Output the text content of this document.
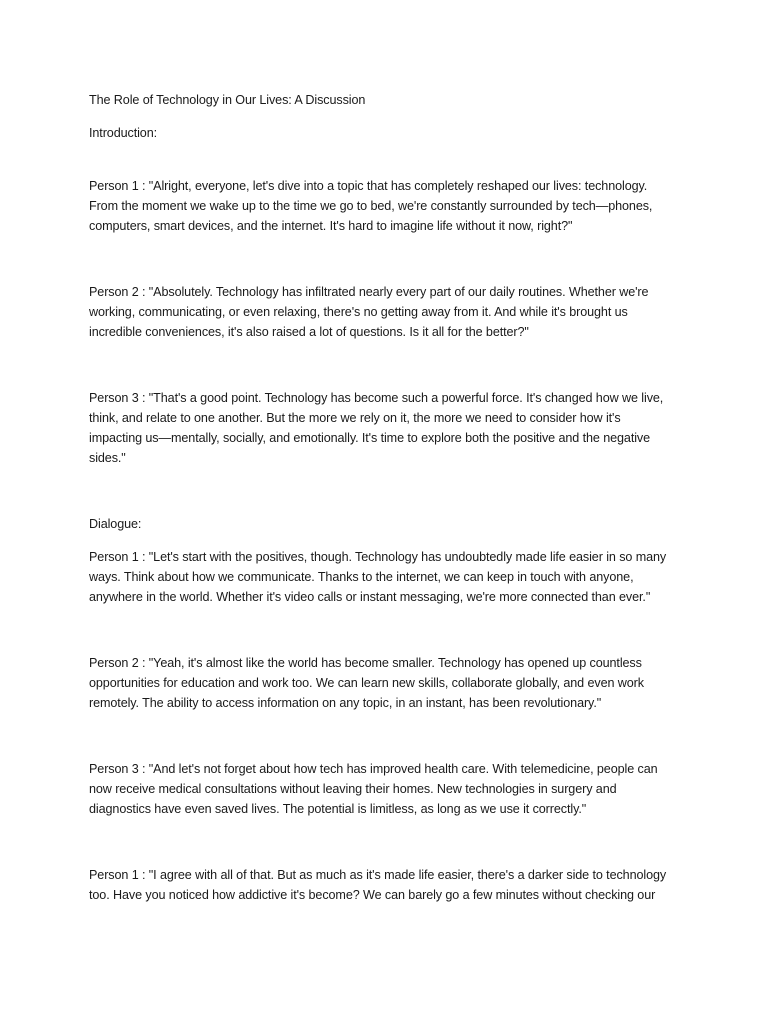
The Role of Technology in Our Lives: A Discussion

Introduction:

Person 1 : "Alright, everyone, let's dive into a topic that has completely reshaped our lives: technology.

From the moment we wake up to the time we go to bed, we're constantly surrounded by tech—phones,

computers, smart devices, and the internet. It's hard to imagine life without it now, right?"

Person 2 : "Absolutely. Technology has infiltrated nearly every part of our daily routines. Whether we're

working, communicating, or even relaxing, there's no getting away from it. And while it's brought us

incredible conveniences, it's also raised a lot of questions. Is it all for the better?"

Person 3 : "That's a good point. Technology has become such a powerful force. It's changed how we live,

think, and relate to one another. But the more we rely on it, the more we need to consider how it's

impacting us—mentally, socially, and emotionally. It's time to explore both the positive and the negative

sides."

Dialogue:

Person 1 : "Let's start with the positives, though. Technology has undoubtedly made life easier in so many

ways. Think about how we communicate. Thanks to the internet, we can keep in touch with anyone,

anywhere in the world. Whether it's video calls or instant messaging, we're more connected than ever."

Person 2 : "Yeah, it's almost like the world has become smaller. Technology has opened up countless

opportunities for education and work too. We can learn new skills, collaborate globally, and even work

remotely. The ability to access information on any topic, in an instant, has been revolutionary."

Person 3 : "And let's not forget about how tech has improved health care. With telemedicine, people can

now receive medical consultations without leaving their homes. New technologies in surgery and

diagnostics have even saved lives. The potential is limitless, as long as we use it correctly."

Person 1 : "I agree with all of that. But as much as it's made life easier, there's a darker side to technology

too. Have you noticed how addictive it's become? We can barely go a few minutes without checking our
